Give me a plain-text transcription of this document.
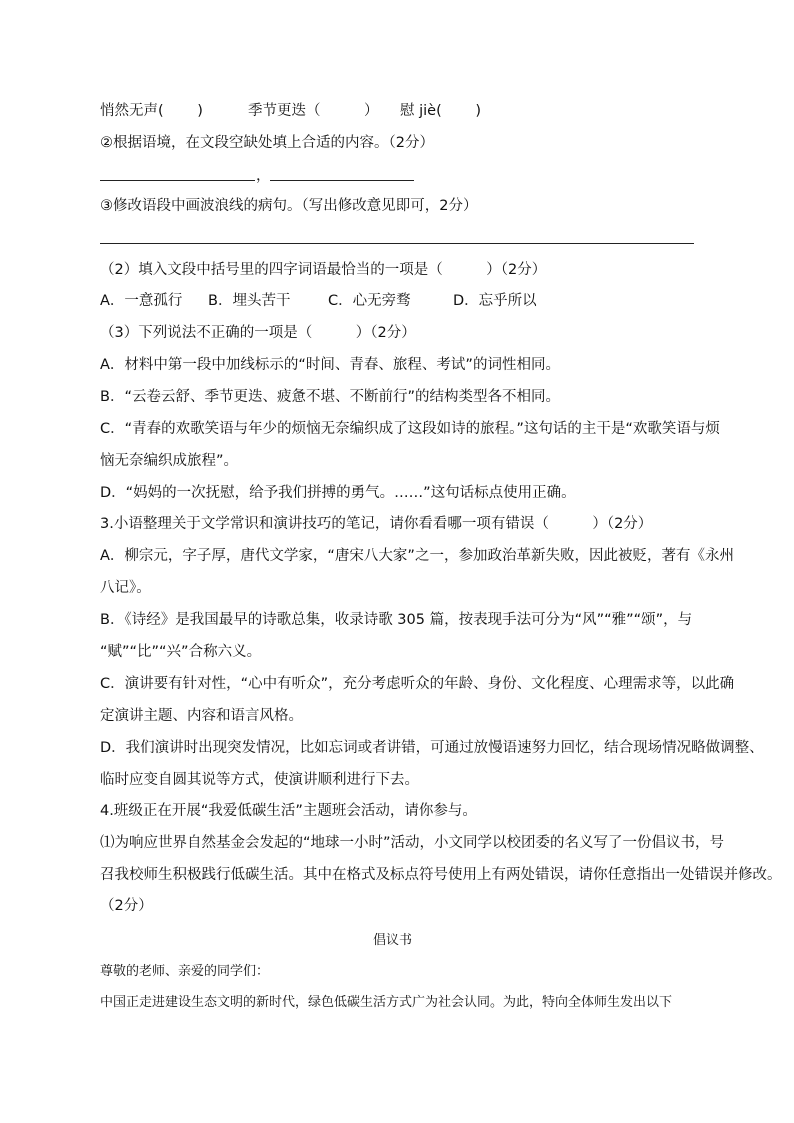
悄然无声(　　 )	季节更迭（　　　） 慰 jiè(　　 )
②根据语境，在文段空缺处填上合适的内容。（2分）
，
③修改语段中画波浪线的病句。（写出修改意见即可，2分）
（2）填入文段中括号里的四字词语最恰当的一项是（　　　）（2分）
A．一意孤行 B．埋头苦干	C．心无旁骛	D．忘乎所以
（3）下列说法不正确的一项是（　　　）（2分）
A．材料中第一段中加线标示的“时间、青春、旅程、考试”的词性相同。
B．“云卷云舒、季节更迭、疲惫不堪、不断前行”的结构类型各不相同。
C．“青春的欢歌笑语与年少的烦恼无奈编织成了这段如诗的旅程。”这句话的主干是“欢歌笑语与烦
恼无奈编织成旅程”。
D．“妈妈的一次抚慰，给予我们拼搏的勇气。……”这句话标点使用正确。
3.小语整理关于文学常识和演讲技巧的笔记，请你看看哪一项有错误（　　　）（2分）
A．柳宗元，字子厚，唐代文学家，“唐宋八大家”之一，参加政治革新失败，因此被贬，著有《永州
八记》。
B．《诗经》是我国最早的诗歌总集，收录诗歌 305 篇，按表现手法可分为“风”“雅”“颂”，与
“赋”“比”“兴”合称六义。
C．演讲要有针对性，“心中有听众”，充分考虑听众的年龄、身份、文化程度、心理需求等，以此确
定演讲主题、内容和语言风格。
D．我们演讲时出现突发情况，比如忘词或者讲错，可通过放慢语速努力回忆，结合现场情况略做调整、
临时应变自圆其说等方式，使演讲顺利进行下去。
4.班级正在开展“我爱低碳生活”主题班会活动，请你参与。
⑴为响应世界自然基金会发起的“地球一小时”活动，小文同学以校团委的名义写了一份倡议书，号
召我校师生积极践行低碳生活。其中在格式及标点符号使用上有两处错误，请你任意指出一处错误并修改。
（2分）
倡议书
尊敬的老师、亲爱的同学们：
中国正走进建设生态文明的新时代，绿色低碳生活方式广为社会认同。为此，特向全体师生发出以下
